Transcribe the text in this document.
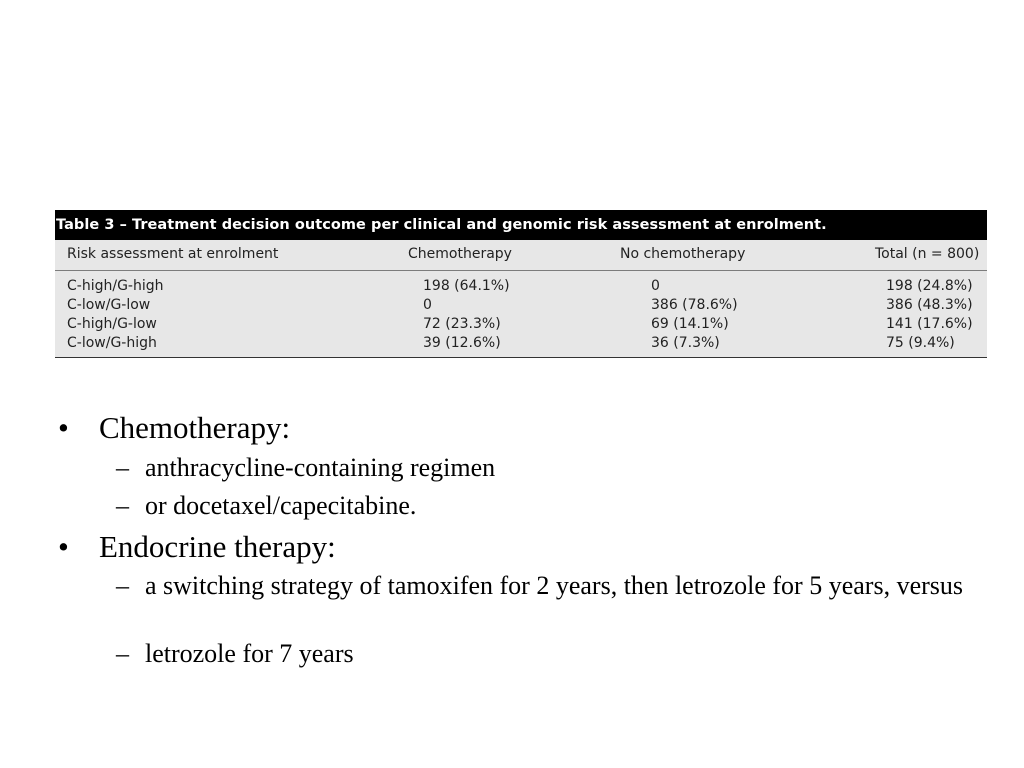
Table 3 – Treatment decision outcome per clinical and genomic risk assessment at enrolment.
Risk assessment at enrolment	Chemotherapy	No chemotherapy	Total (n = 800)
C-high/G-high	198 (64.1%)	0	198 (24.8%)
C-low/G-low	0	386 (78.6%)	386 (48.3%)
C-high/G-low	72 (23.3%)	69 (14.1%)	141 (17.6%)
C-low/G-high	39 (12.6%)	36 (7.3%)	75 (9.4%)
• Chemotherapy:
– anthracycline-containing regimen
– or docetaxel/capecitabine.
• Endocrine therapy:
– a switching strategy of tamoxifen for 2 years, then letrozole for 5 years, versus
– letrozole for 7 years
